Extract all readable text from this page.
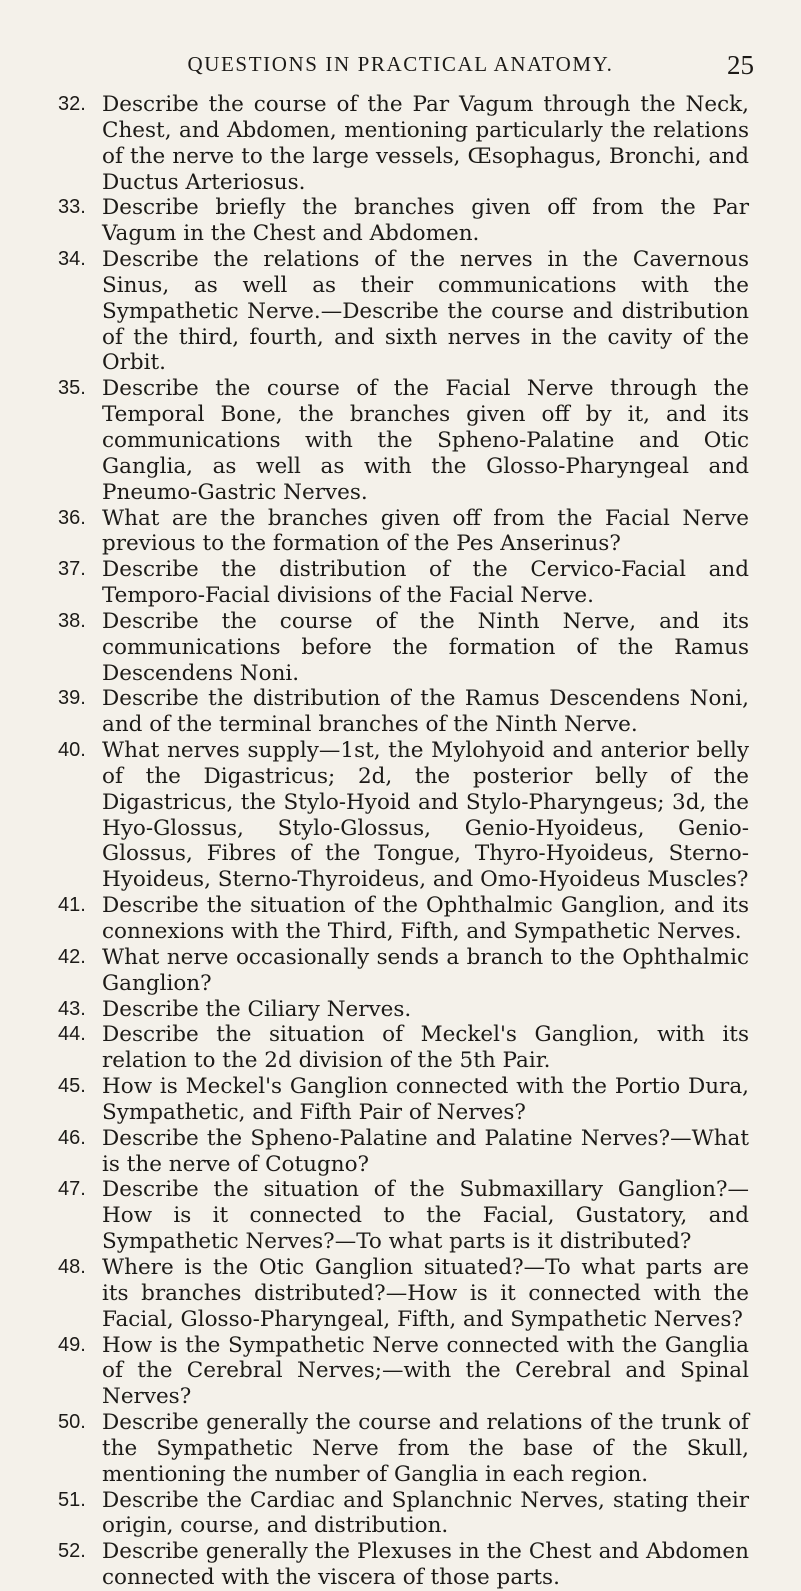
QUESTIONS IN PRACTICAL ANATOMY.	25
32. Describe the course of the Par Vagum through the Neck, Chest, and Abdomen, mentioning particularly the relations of the nerve to the large vessels, Œsophagus, Bronchi, and Ductus Arteriosus.
33. Describe briefly the branches given off from the Par Vagum in the Chest and Abdomen.
34. Describe the relations of the nerves in the Cavernous Sinus, as well as their communications with the Sympathetic Nerve.—Describe the course and distribution of the third, fourth, and sixth nerves in the cavity of the Orbit.
35. Describe the course of the Facial Nerve through the Temporal Bone, the branches given off by it, and its communications with the Spheno-Palatine and Otic Ganglia, as well as with the Glosso-Pharyngeal and Pneumo-Gastric Nerves.
36. What are the branches given off from the Facial Nerve previous to the formation of the Pes Anserinus?
37. Describe the distribution of the Cervico-Facial and Temporo-Facial divisions of the Facial Nerve.
38. Describe the course of the Ninth Nerve, and its communications before the formation of the Ramus Descendens Noni.
39. Describe the distribution of the Ramus Descendens Noni, and of the terminal branches of the Ninth Nerve.
40. What nerves supply—1st, the Mylohyoid and anterior belly of the Digastricus; 2d, the posterior belly of the Digastricus, the Stylo-Hyoid and Stylo-Pharyngeus; 3d, the Hyo-Glossus, Stylo-Glossus, Genio-Hyoideus, Genio-Glossus, Fibres of the Tongue, Thyro-Hyoideus, Sterno-Hyoideus, Sterno-Thyroideus, and Omo-Hyoideus Muscles?
41. Describe the situation of the Ophthalmic Ganglion, and its connexions with the Third, Fifth, and Sympathetic Nerves.
42. What nerve occasionally sends a branch to the Ophthalmic Ganglion?
43. Describe the Ciliary Nerves.
44. Describe the situation of Meckel's Ganglion, with its relation to the 2d division of the 5th Pair.
45. How is Meckel's Ganglion connected with the Portio Dura, Sympathetic, and Fifth Pair of Nerves?
46. Describe the Spheno-Palatine and Palatine Nerves?—What is the nerve of Cotugno?
47. Describe the situation of the Submaxillary Ganglion?—How is it connected to the Facial, Gustatory, and Sympathetic Nerves?—To what parts is it distributed?
48. Where is the Otic Ganglion situated?—To what parts are its branches distributed?—How is it connected with the Facial, Glosso-Pharyngeal, Fifth, and Sympathetic Nerves?
49. How is the Sympathetic Nerve connected with the Ganglia of the Cerebral Nerves;—with the Cerebral and Spinal Nerves?
50. Describe generally the course and relations of the trunk of the Sympathetic Nerve from the base of the Skull, mentioning the number of Ganglia in each region.
51. Describe the Cardiac and Splanchnic Nerves, stating their origin, course, and distribution.
52. Describe generally the Plexuses in the Chest and Abdomen connected with the viscera of those parts.
